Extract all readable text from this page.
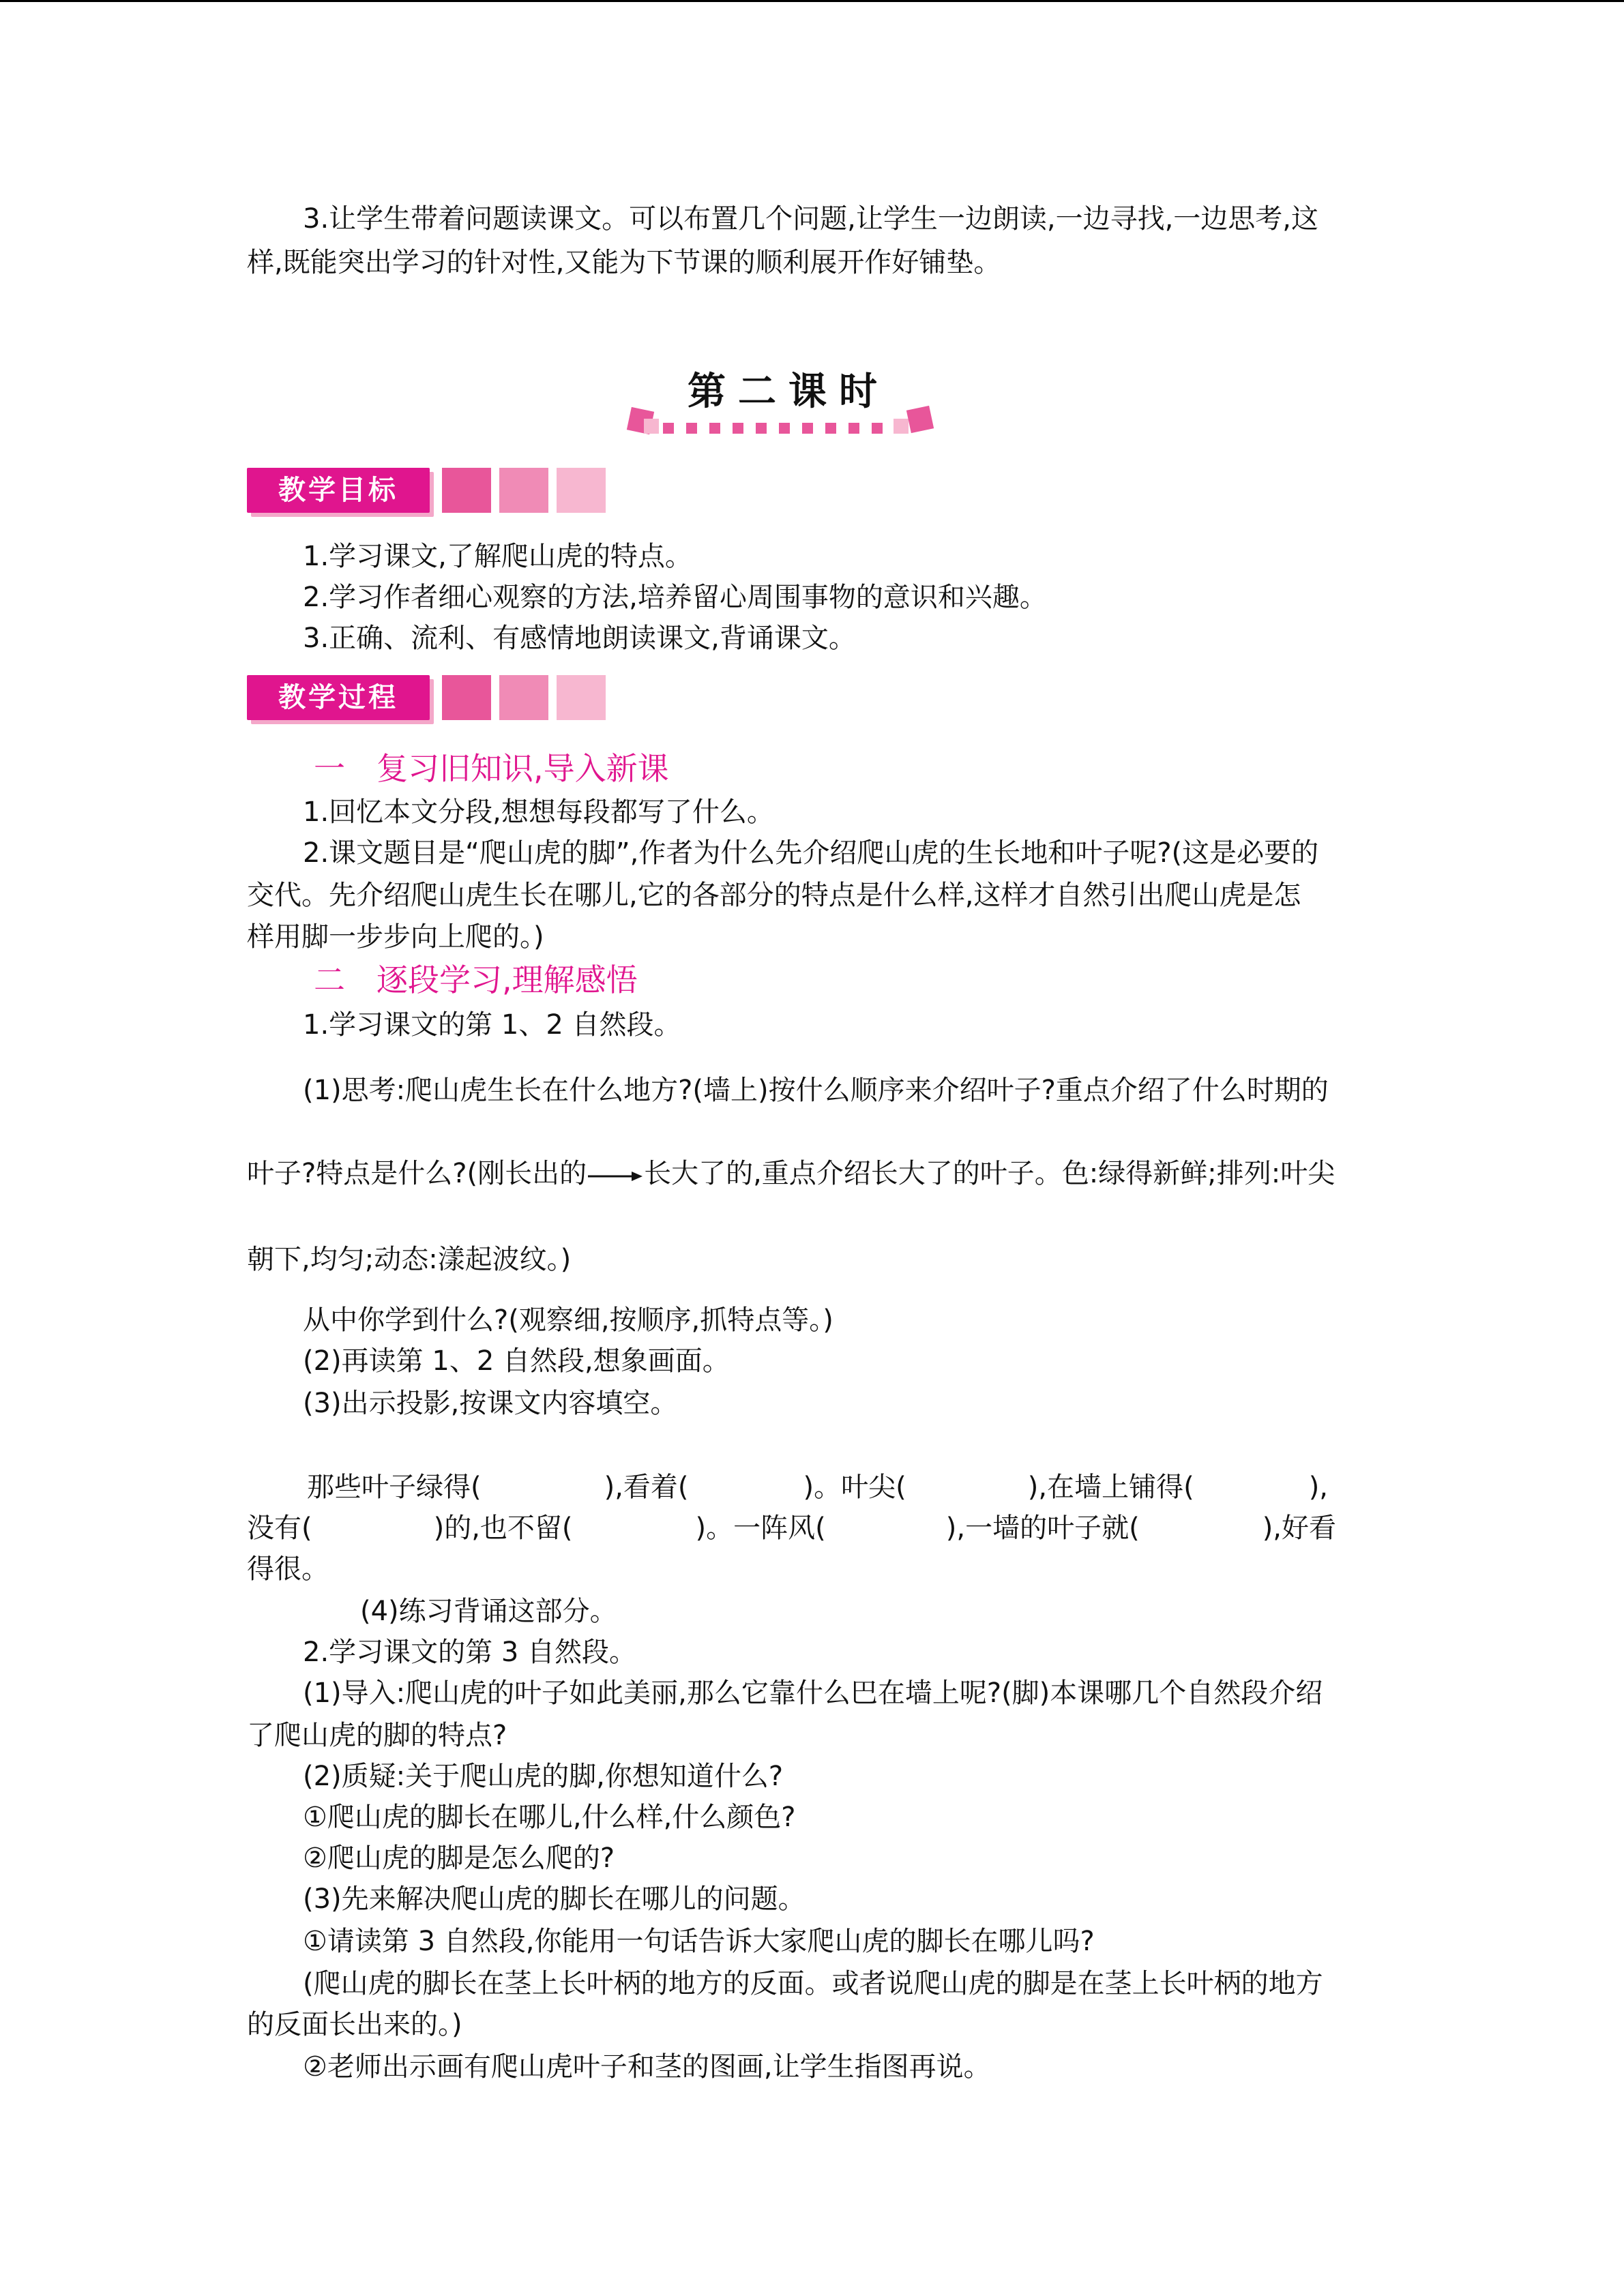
3.让学生带着问题读课文。可以布置几个问题,让学生一边朗读,一边寻找,一边思考,这
样,既能突出学习的针对性,又能为下节课的顺利展开作好铺垫。
第二课时
教学目标
1.学习课文,了解爬山虎的特点。
2.学习作者细心观察的方法,培养留心周围事物的意识和兴趣。
3.正确、流利、有感情地朗读课文,背诵课文。
教学过程
一　复习旧知识,导入新课
1.回忆本文分段,想想每段都写了什么。
2.课文题目是“爬山虎的脚”,作者为什么先介绍爬山虎的生长地和叶子呢?(这是必要的
交代。先介绍爬山虎生长在哪儿,它的各部分的特点是什么样,这样才自然引出爬山虎是怎
样用脚一步步向上爬的。)
二　逐段学习,理解感悟
1.学习课文的第 1、2 自然段。
(1)思考:爬山虎生长在什么地方?(墙上)按什么顺序来介绍叶子?重点介绍了什么时期的
叶子?特点是什么?(刚长出的 长大了的,重点介绍长大了的叶子。色:绿得新鲜;排列:叶尖
朝下,均匀;动态:漾起波纹。)
从中你学到什么?(观察细,按顺序,抓特点等。)
(2)再读第 1、2 自然段,想象画面。
(3)出示投影,按课文内容填空。
那些叶子绿得(	),看着(	)。叶尖(	),在墙上铺得(	),
没有(	)的,也不留(	)。一阵风(	),一墙的叶子就(	),好看
得很。
(4)练习背诵这部分。
2.学习课文的第 3 自然段。
(1)导入:爬山虎的叶子如此美丽,那么它靠什么巴在墙上呢?(脚)本课哪几个自然段介绍
了爬山虎的脚的特点?
(2)质疑:关于爬山虎的脚,你想知道什么?
①爬山虎的脚长在哪儿,什么样,什么颜色?
②爬山虎的脚是怎么爬的?
(3)先来解决爬山虎的脚长在哪儿的问题。
①请读第 3 自然段,你能用一句话告诉大家爬山虎的脚长在哪儿吗?
(爬山虎的脚长在茎上长叶柄的地方的反面。或者说爬山虎的脚是在茎上长叶柄的地方
的反面长出来的。)
②老师出示画有爬山虎叶子和茎的图画,让学生指图再说。
